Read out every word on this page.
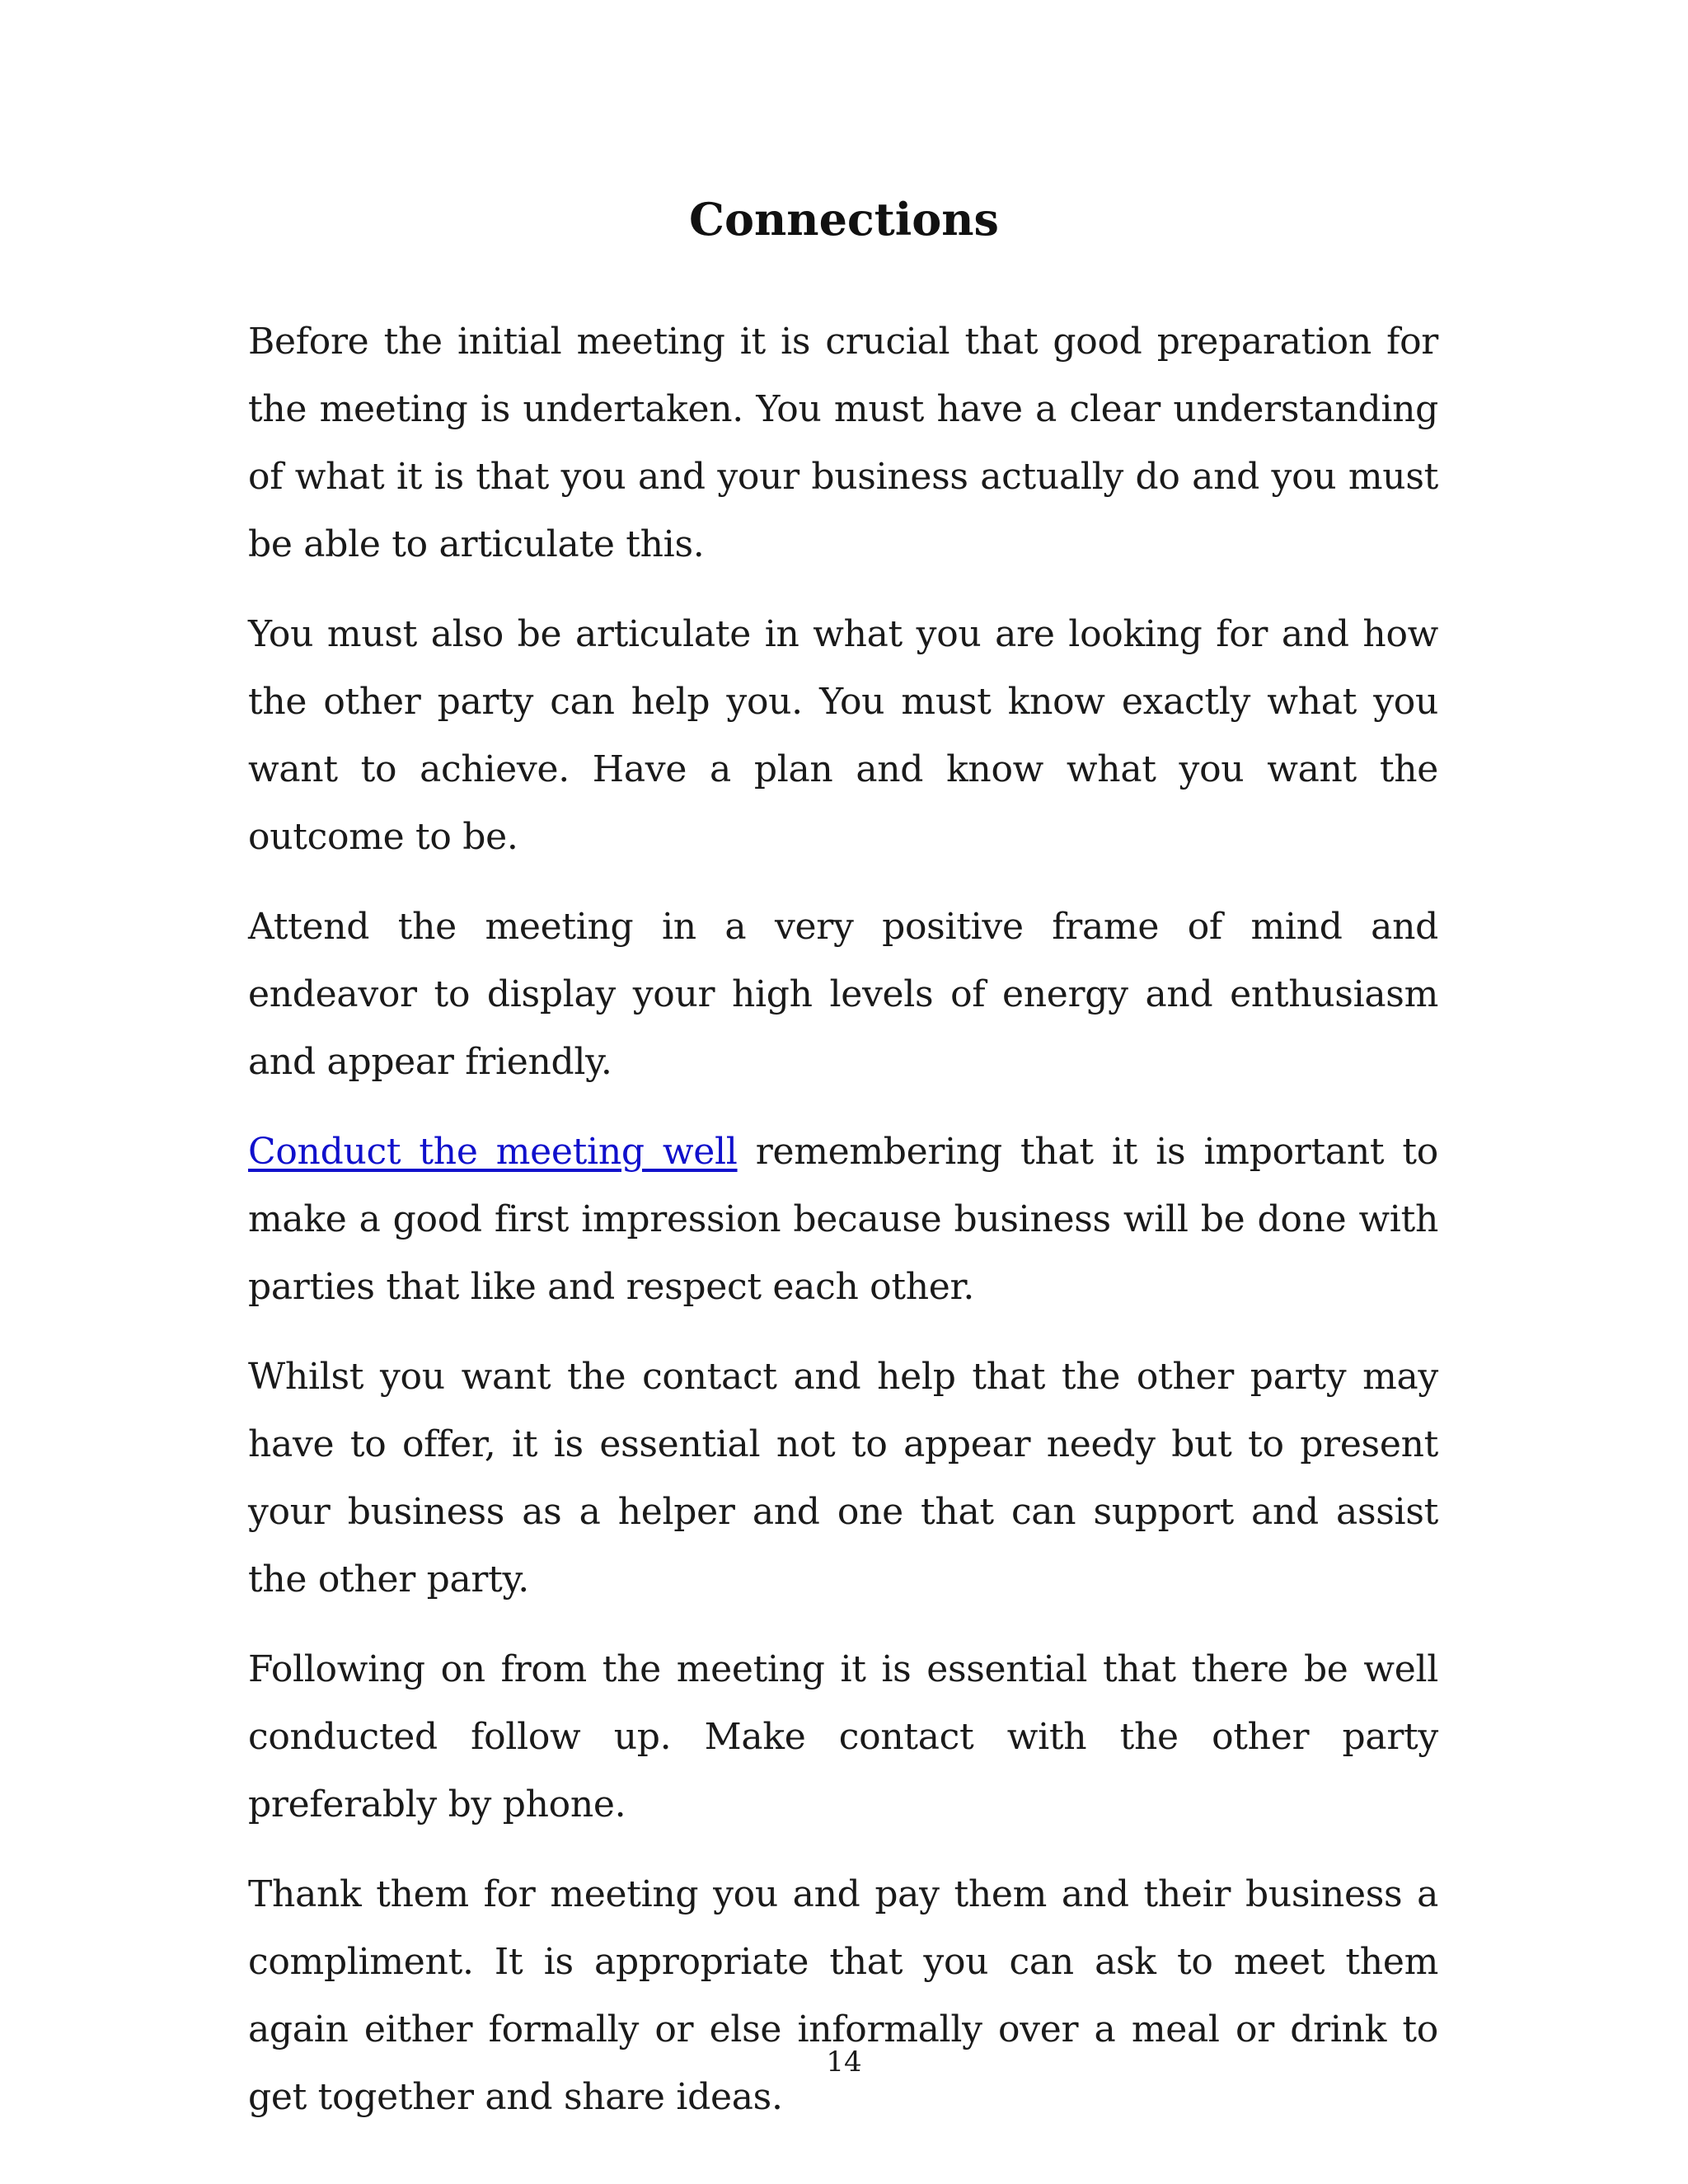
Connections

Before the initial meeting it is crucial that good preparation for the meeting is undertaken. You must have a clear understanding of what it is that you and your business actually do and you must be able to articulate this.

You must also be articulate in what you are looking for and how the other party can help you. You must know exactly what you want to achieve. Have a plan and know what you want the outcome to be.

Attend the meeting in a very positive frame of mind and endeavor to display your high levels of energy and enthusiasm and appear friendly.

Conduct the meeting well remembering that it is important to make a good first impression because business will be done with parties that like and respect each other.

Whilst you want the contact and help that the other party may have to offer, it is essential not to appear needy but to present your business as a helper and one that can support and assist the other party.

Following on from the meeting it is essential that there be well conducted follow up. Make contact with the other party preferably by phone.

Thank them for meeting you and pay them and their business a compliment. It is appropriate that you can ask to meet them again either formally or else informally over a meal or drink to get together and share ideas.

14
